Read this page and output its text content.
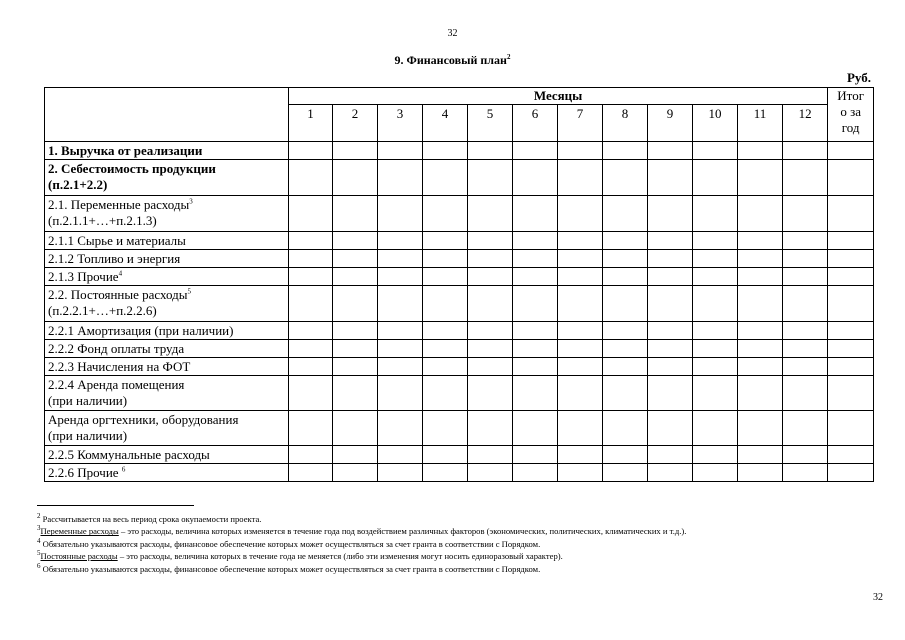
32
9. Финансовый план$^2$
Руб.
	Месяцы												Итог
о за
год

	1	2	3	4	5	6	7	8	9	10	11	12	

1. Выручка от реализации													

2. Себестоимость продукции
(п.2.1+2.2)													

2.1. Переменные расходы$^3$
(п.2.1.1+…+п.2.1.3)													

2.1.1 Сырье и материалы													

2.1.2 Топливо и энергия													

2.1.3 Прочие$^4$

2.2. Постоянные расходы$^5$
(п.2.2.1+…+п.2.2.6)													

2.2.1 Амортизация (при наличии)													

2.2.2 Фонд оплаты труда													

2.2.3 Начисления на ФОТ													

2.2.4 Аренда помещения
(при наличии)													

Аренда оргтехники, оборудования
(при наличии)													

2.2.5 Коммунальные расходы													

2.2.6 Прочие $^6$

$^2$ Рассчитывается на весь период срока окупаемости проекта.
$^3$Переменные расходы – это расходы, величина которых изменяется в течение года под воздействием различных факторов (экономических, политических, климатических и т.д.).
$^4$ Обязательно указываются расходы, финансовое обеспечение которых может осуществляться за счет гранта в соответствии с Порядком.
$^5$Постоянные расходы – это расходы, величина которых в течение года не меняется (либо эти изменения могут носить единоразовый характер).
$^6$ Обязательно указываются расходы, финансовое обеспечение которых может осуществляться за счет гранта в соответствии с Порядком.
32
